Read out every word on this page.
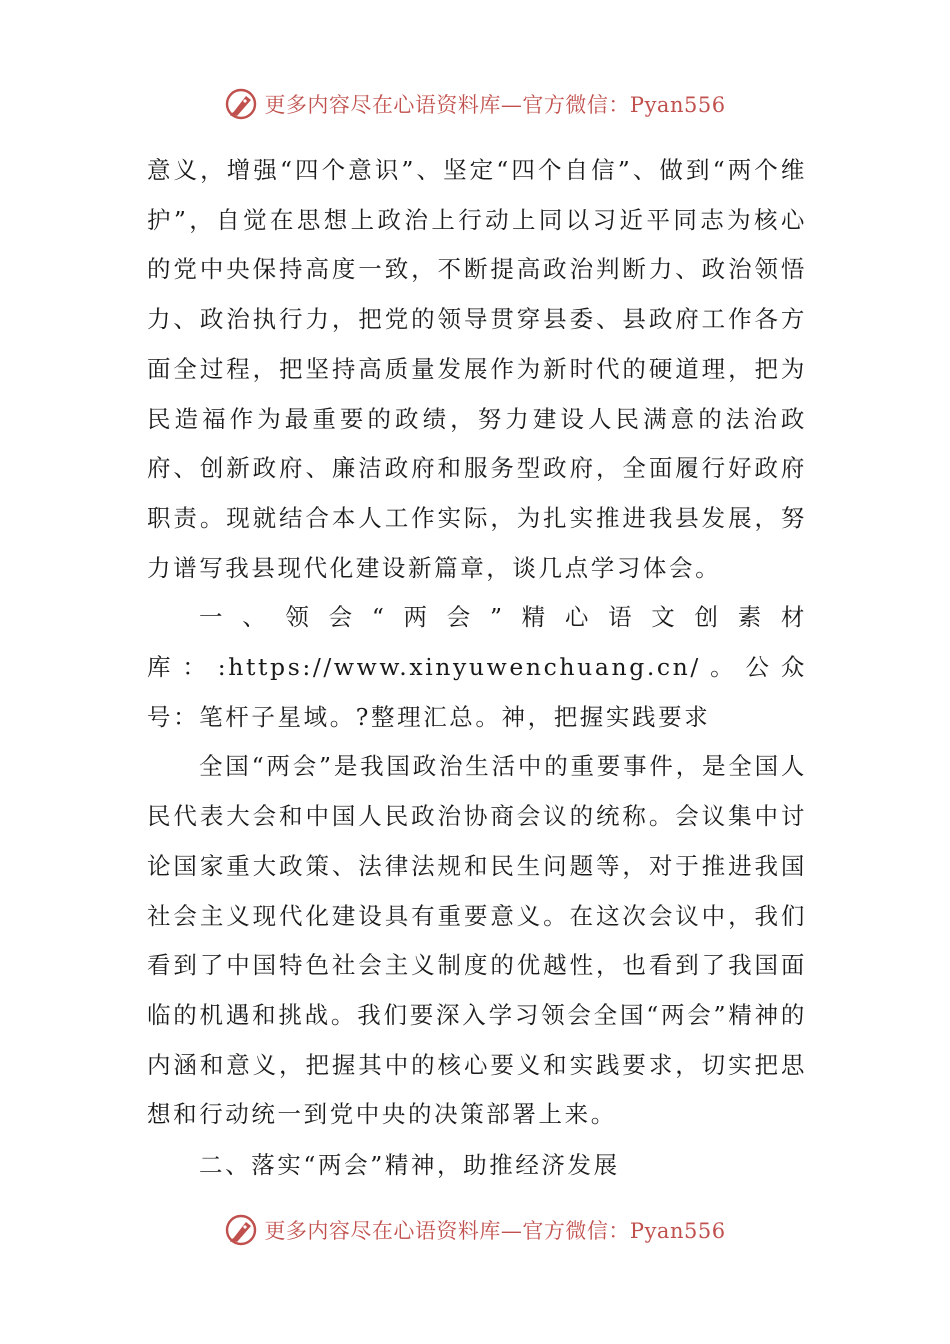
更多内容尽在心语资料库—官方微信：Pyan556

意义，增强“四个意识”、坚定“四个自信”、做到“两个维护”，自觉在思想上政治上行动上同以习近平同志为核心的党中央保持高度一致，不断提高政治判断力、政治领悟力、政治执行力，把党的领导贯穿县委、县政府工作各方面全过程，把坚持高质量发展作为新时代的硬道理，把为民造福作为最重要的政绩，努力建设人民满意的法治政府、创新政府、廉洁政府和服务型政府，全面履行好政府职责。现就结合本人工作实际，为扎实推进我县发展，努力谱写我县现代化建设新篇章，谈几点学习体会。

一、领会“两会”精心语文创素材库：:https://www.xinyuwenchuang.cn/。公众号：笔杆子星域。?整理汇总。神，把握实践要求

全国“两会”是我国政治生活中的重要事件，是全国人民代表大会和中国人民政治协商会议的统称。会议集中讨论国家重大政策、法律法规和民生问题等，对于推进我国社会主义现代化建设具有重要意义。在这次会议中，我们看到了中国特色社会主义制度的优越性，也看到了我国面临的机遇和挑战。我们要深入学习领会全国“两会”精神的内涵和意义，把握其中的核心要义和实践要求，切实把思想和行动统一到党中央的决策部署上来。

二、落实“两会”精神，助推经济发展

更多内容尽在心语资料库—官方微信：Pyan556
